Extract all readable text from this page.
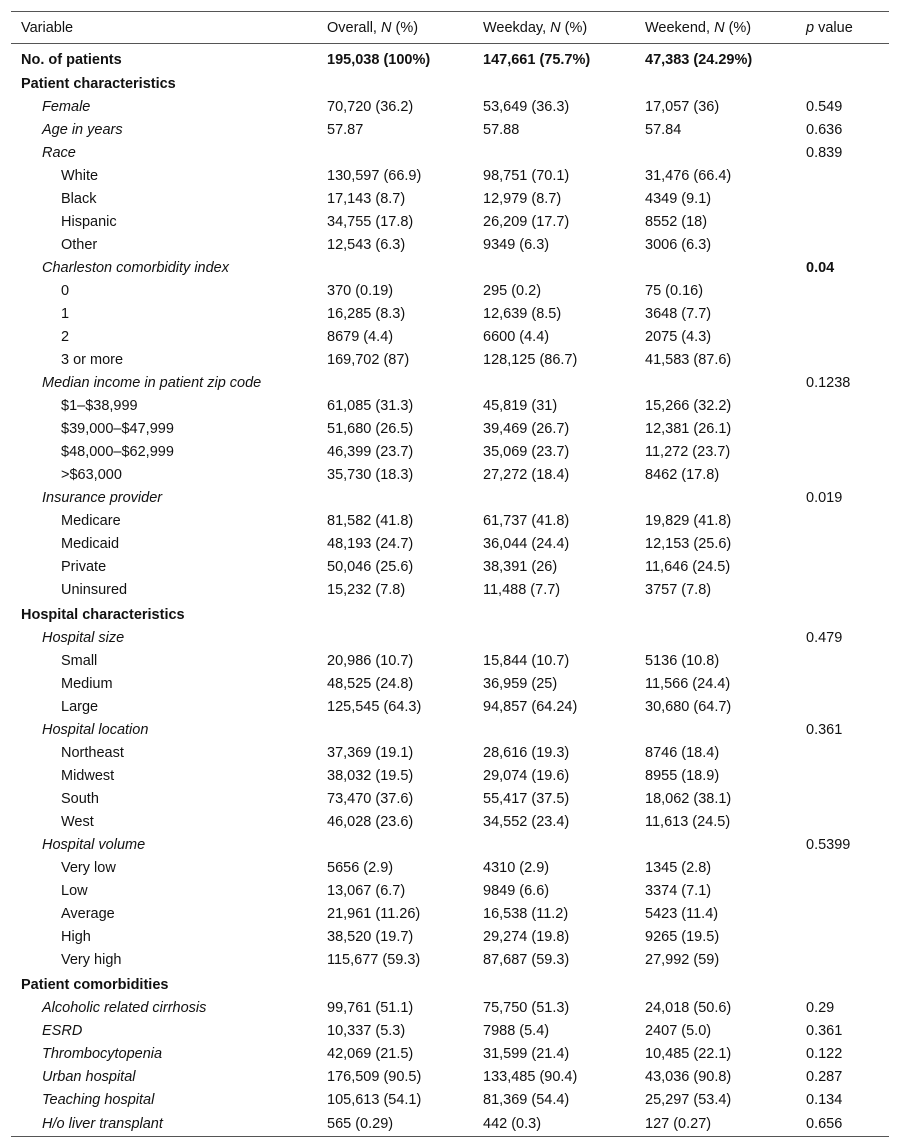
Variable	Overall, N (%)	Weekday, N (%)	Weekend, N (%)	p value
No. of patients	195,038 (100%)	147,661 (75.7%)	47,383 (24.29%)	
Patient characteristics				
Female	70,720 (36.2)	53,649 (36.3)	17,057 (36)	0.549
Age in years	57.87	57.88	57.84	0.636
Race				0.839
White	130,597 (66.9)	98,751 (70.1)	31,476 (66.4)	
Black	17,143 (8.7)	12,979 (8.7)	4349 (9.1)	
Hispanic	34,755 (17.8)	26,209 (17.7)	8552 (18)	
Other	12,543 (6.3)	9349 (6.3)	3006 (6.3)	
Charleston comorbidity index				0.04
0	370 (0.19)	295 (0.2)	75 (0.16)	
1	16,285 (8.3)	12,639 (8.5)	3648 (7.7)	
2	8679 (4.4)	6600 (4.4)	2075 (4.3)	
3 or more	169,702 (87)	128,125 (86.7)	41,583 (87.6)	
Median income in patient zip code				0.1238
$1–$38,999	61,085 (31.3)	45,819 (31)	15,266 (32.2)	
$39,000–$47,999	51,680 (26.5)	39,469 (26.7)	12,381 (26.1)	
$48,000–$62,999	46,399 (23.7)	35,069 (23.7)	11,272 (23.7)	
>$63,000	35,730 (18.3)	27,272 (18.4)	8462 (17.8)	
Insurance provider				0.019
Medicare	81,582 (41.8)	61,737 (41.8)	19,829 (41.8)	
Medicaid	48,193 (24.7)	36,044 (24.4)	12,153 (25.6)	
Private	50,046 (25.6)	38,391 (26)	11,646 (24.5)	
Uninsured	15,232 (7.8)	11,488 (7.7)	3757 (7.8)	
Hospital characteristics				
Hospital size				0.479
Small	20,986 (10.7)	15,844 (10.7)	5136 (10.8)	
Medium	48,525 (24.8)	36,959 (25)	11,566 (24.4)	
Large	125,545 (64.3)	94,857 (64.24)	30,680 (64.7)	
Hospital location				0.361
Northeast	37,369 (19.1)	28,616 (19.3)	8746 (18.4)	
Midwest	38,032 (19.5)	29,074 (19.6)	8955 (18.9)	
South	73,470 (37.6)	55,417 (37.5)	18,062 (38.1)	
West	46,028 (23.6)	34,552 (23.4)	11,613 (24.5)	
Hospital volume				0.5399
Very low	5656 (2.9)	4310 (2.9)	1345 (2.8)	
Low	13,067 (6.7)	9849 (6.6)	3374 (7.1)	
Average	21,961 (11.26)	16,538 (11.2)	5423 (11.4)	
High	38,520 (19.7)	29,274 (19.8)	9265 (19.5)	
Very high	115,677 (59.3)	87,687 (59.3)	27,992 (59)	
Patient comorbidities				
Alcoholic related cirrhosis	99,761 (51.1)	75,750 (51.3)	24,018 (50.6)	0.29
ESRD	10,337 (5.3)	7988 (5.4)	2407 (5.0)	0.361
Thrombocytopenia	42,069 (21.5)	31,599 (21.4)	10,485 (22.1)	0.122
Urban hospital	176,509 (90.5)	133,485 (90.4)	43,036 (90.8)	0.287
Teaching hospital	105,613 (54.1)	81,369 (54.4)	25,297 (53.4)	0.134
H/o liver transplant	565 (0.29)	442 (0.3)	127 (0.27)	0.656
